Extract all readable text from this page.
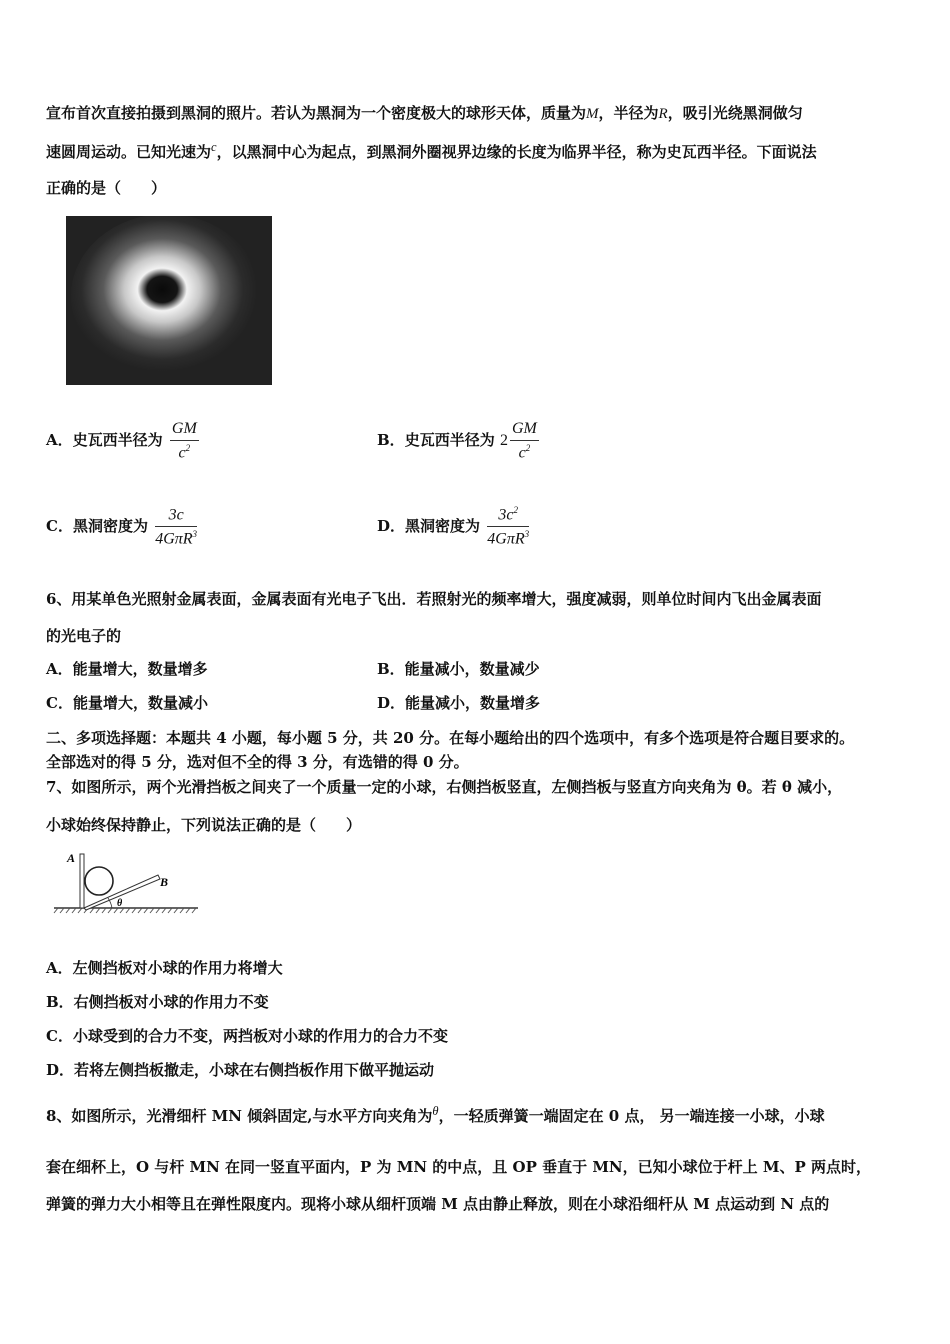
宣布首次直接拍摄到黑洞的照片。若认为黑洞为一个密度极大的球形天体，质量为M，半径为R，吸引光绕黑洞做匀
速圆周运动。已知光速为$^c$，以黑洞中心为起点，到黑洞外圈视界边缘的长度为临界半径，称为史瓦西半径。下面说法
正确的是（　　）
A．史瓦西半径为 $\frac{GM}{c^2}$	B．史瓦西半径为 $2 \frac{GM}{c^2}$
C．黑洞密度为 $\frac{3c}{4G\pi R^3}$	D．黑洞密度为 $\frac{3c^2}{4G\pi R^3}$
6、用某单色光照射金属表面，金属表面有光电子飞出．若照射光的频率增大，强度减弱，则单位时间内飞出金属表面
的光电子的
A．能量增大，数量增多	B．能量减小，数量减少
C．能量增大，数量减小	D．能量减小，数量增多
二、多项选择题：本题共 4 小题，每小题 5 分，共 20 分。在每小题给出的四个选项中，有多个选项是符合题目要求的。
全部选对的得 5 分，选对但不全的得 3 分，有选错的得 0 分。
7、如图所示，两个光滑挡板之间夹了一个质量一定的小球，右侧挡板竖直，左侧挡板与竖直方向夹角为 θ。若 θ 减小，
小球始终保持静止，下列说法正确的是（　　）
A
B
θ
A．左侧挡板对小球的作用力将增大
B．右侧挡板对小球的作用力不变
C．小球受到的合力不变，两挡板对小球的作用力的合力不变
D．若将左侧挡板撤走，小球在右侧挡板作用下做平抛运动
8、如图所示，光滑细杆 MN 倾斜固定,与水平方向夹角为$^\theta$，一轻质弹簧一端固定在 0 点， 另一端连接一小球，小球
套在细杯上，O 与杆 MN 在同一竖直平面内，P 为 MN 的中点，且 OP 垂直于 MN，已知小球位于杆上 M、P 两点时，
弹簧的弹力大小相等且在弹性限度内。现将小球从细杆顶端 M 点由静止释放，则在小球沿细杆从 M 点运动到 N 点的
